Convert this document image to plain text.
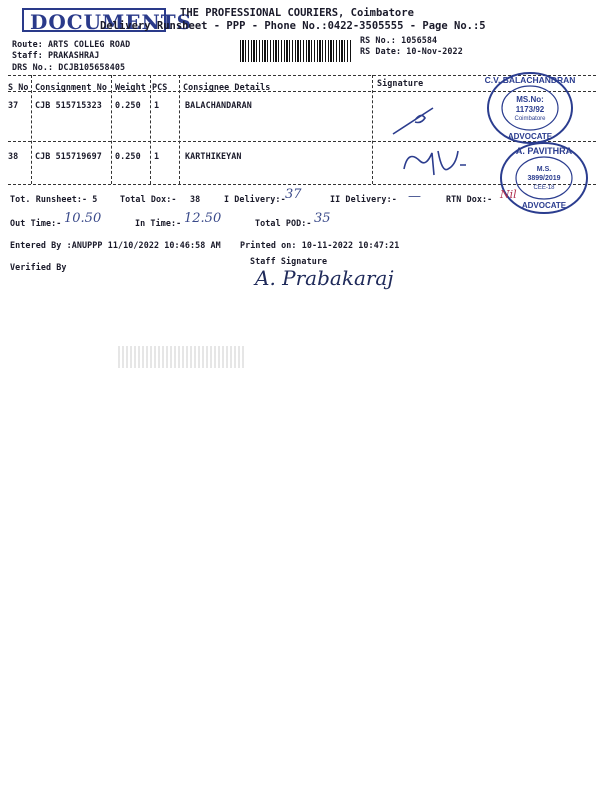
DOCUMENTS
THE PROFESSIONAL COURIERS, Coimbatore
Delivery Runsheet - PPP - Phone No.:0422-3505555 - Page No.:5
Route: ARTS COLLEG ROAD
Staff: PRAKASHRAJ
DRS No.: DCJB105658405
RS No.: 1056584
RS Date: 10-Nov-2022
S No Consignment No Weight PCS Consignee Details	Signature
37 CJB 515715323 0.250 1	BALACHANDARAN
38 CJB 515719697 0.250 1	KARTHIKEYAN
C.V. BALACHANDRAN
MS.No:
1173/92
Coimbatore
ADVOCATE
A. PAVITHRA
M.S.
3899/2019
CEE-18
ADVOCATE
Tot. Runsheet:- 5	Total Dox:- 38	I Delivery:- 37	II Delivery:- —	RTN Dox:- Nil
Out Time:- 10.50	In Time:- 12.50	Total POD:- 35
Entered By :ANUPPP 11/10/2022 10:46:58 AM Printed on: 10-11-2022 10:47:21
Verified By
Staff Signature
A. Prabakaraj
